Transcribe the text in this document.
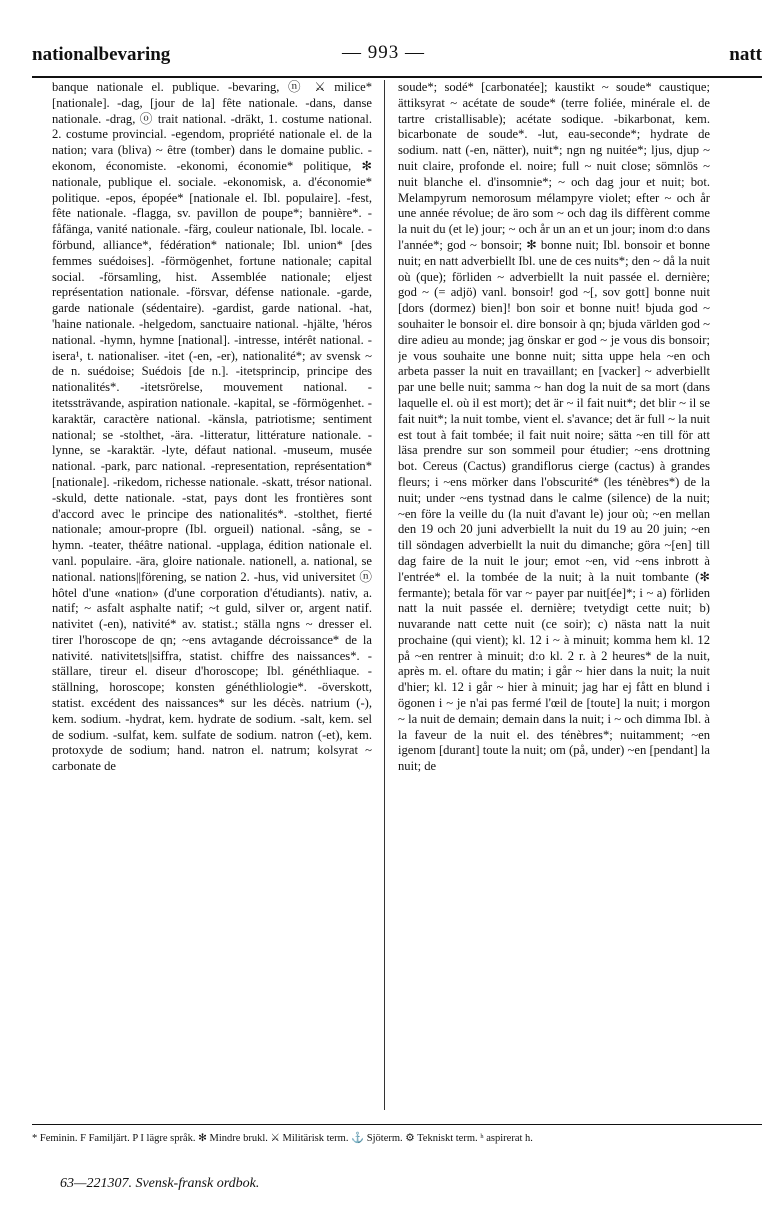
nationalbevaring	— 993 —	natt
banque nationale el. publique. -bevaring, ⓝ ⚔ milice* [nationale]. -dag, [jour de la] fête nationale. -dans, danse nationale. -drag, ⓞ trait national. -dräkt, 1. costume national. 2. costume provincial. -egendom, propriété nationale el. de la nation; vara (bliva) ~ être (tomber) dans le domaine public. -ekonom, économiste. -ekonomi, économie* politique, ✻ nationale, publique el. sociale. -ekonomisk, a. d'économie* politique. -epos, épopée* [nationale el. Ibl. populaire]. -fest, fête nationale. -flagga, sv. pavillon de poupe*; bannière*. -fåfänga, vanité nationale. -färg, couleur nationale, Ibl. locale. -förbund, alliance*, fédération* nationale; Ibl. union* [des femmes suédoises]. -förmögenhet, fortune nationale; capital social. -församling, hist. Assemblée nationale; eljest représentation nationale. -försvar, défense nationale. -garde, garde nationale (sédentaire). -gardist, garde national. -hat, 'haine nationale. -helgedom, sanctuaire national. -hjälte, 'héros national. -hymn, hymne [national]. -intresse, intérêt national. -isera¹, t. nationaliser. -itet (-en, -er), nationalité*; av svensk ~ de n. suédoise; Suédois [de n.]. -itetsprincip, principe des nationalités*. -itetsrörelse, mouvement national. -itetssträvande, aspiration nationale. -kapital, se -förmögenhet. -karaktär, caractère national. -känsla, patriotisme; sentiment national; se -stolthet, -ära. -litteratur, littérature nationale. -lynne, se -karaktär. -lyte, défaut national. -museum, musée national. -park, parc national. -representation, représentation* [nationale]. -rikedom, richesse nationale. -skatt, trésor national. -skuld, dette nationale. -stat, pays dont les frontières sont d'accord avec le principe des nationalités*. -stolthet, fierté nationale; amour-propre (Ibl. orgueil) national. -sång, se -hymn. -teater, théâtre national. -upplaga, édition nationale el. vanl. populaire. -ära, gloire nationale. nationell, a. national, se national. nations||förening, se nation 2. -hus, vid universitet ⓝ hôtel d'une «nation» (d'une corporation d'étudiants). nativ, a. natif; ~ asfalt asphalte natif; ~t guld, silver or, argent natif. nativitet (-en), nativité* av. statist.; ställa ngns ~ dresser el. tirer l'horoscope de qn; ~ens avtagande décroissance* de la nativité. nativitets||siffra, statist. chiffre des naissances*. -ställare, tireur el. diseur d'horoscope; Ibl. généthliaque. -ställning, horoscope; konsten généthliologie*. -överskott, statist. excédent des naissances* sur les décès. natrium (-), kem. sodium. -hydrat, kem. hydrate de sodium. -salt, kem. sel de sodium. -sulfat, kem. sulfate de sodium. natron (-et), kem. protoxyde de sodium; hand. natron el. natrum; kolsyrat ~ carbonate de
soude*; sodé* [carbonatée]; kaustikt ~ soude* caustique; ättiksyrat ~ acétate de soude* (terre foliée, minérale el. de tartre cristallisable); acétate sodique. -bikarbonat, kem. bicarbonate de soude*. -lut, eau-seconde*; hydrate de sodium. natt (-en, nätter), nuit*; ngn ng nuitée*; ljus, djup ~ nuit claire, profonde el. noire; full ~ nuit close; sömnlös ~ nuit blanche el. d'insomnie*; ~ och dag jour et nuit; bot. Melampyrum nemorosum mélampyre violet; efter ~ och år une année révolue; de äro som ~ och dag ils diffèrent comme la nuit du (et le) jour; ~ och år un an et un jour; inom d:o dans l'année*; god ~ bonsoir; ✻ bonne nuit; Ibl. bonsoir et bonne nuit; en natt adverbiellt Ibl. une de ces nuits*; den ~ då la nuit où (que); förliden ~ adverbiellt la nuit passée el. dernière; god ~ (= adjö) vanl. bonsoir! god ~[, sov gott] bonne nuit [dors (dormez) bien]! bon soir et bonne nuit! bjuda god ~ souhaiter le bonsoir el. dire bonsoir à qn; bjuda världen god ~ dire adieu au monde; jag önskar er god ~ je vous dis bonsoir; je vous souhaite une bonne nuit; sitta uppe hela ~en och arbeta passer la nuit en travaillant; en [vacker] ~ adverbiellt par une belle nuit; samma ~ han dog la nuit de sa mort (dans laquelle el. où il est mort); det är ~ il fait nuit*; det blir ~ il se fait nuit*; la nuit tombe, vient el. s'avance; det är full ~ la nuit est tout à fait tombée; il fait nuit noire; sätta ~en till för att läsa prendre sur son sommeil pour étudier; ~ens drottning bot. Cereus (Cactus) grandiflorus cierge (cactus) à grandes fleurs; i ~ens mörker dans l'obscurité* (les ténèbres*) de la nuit; under ~ens tystnad dans le calme (silence) de la nuit; ~en före la veille du (la nuit d'avant le) jour où; ~en mellan den 19 och 20 juni adverbiellt la nuit du 19 au 20 juin; ~en till söndagen adverbiellt la nuit du dimanche; göra ~[en] till dag faire de la nuit le jour; emot ~en, vid ~ens inbrott à l'entrée* el. la tombée de la nuit; à la nuit tombante (✻ fermante); betala för var ~ payer par nuit[ée]*; i ~ a) förliden natt la nuit passée el. dernière; tvetydigt cette nuit; b) nuvarande natt cette nuit (ce soir); c) nästa natt la nuit prochaine (qui vient); kl. 12 i ~ à minuit; komma hem kl. 12 på ~en rentrer à minuit; d:o kl. 2 r. à 2 heures* de la nuit, après m. el. oftare du matin; i går ~ hier dans la nuit; la nuit d'hier; kl. 12 i går ~ hier à minuit; jag har ej fått en blund i ögonen i ~ je n'ai pas fermé l'œil de [toute] la nuit; i morgon ~ la nuit de demain; demain dans la nuit; i ~ och dimma Ibl. à la faveur de la nuit el. des ténèbres*; nuitamment; ~en igenom [durant] toute la nuit; om (på, under) ~en [pendant] la nuit; de
* Feminin. F Familjärt. P I lägre språk. ✻ Mindre brukl. ⚔ Militärisk term. ⚓ Sjöterm. ⚙ Tekniskt term. ʰ aspirerat h.
63—221307. Svensk-fransk ordbok.
